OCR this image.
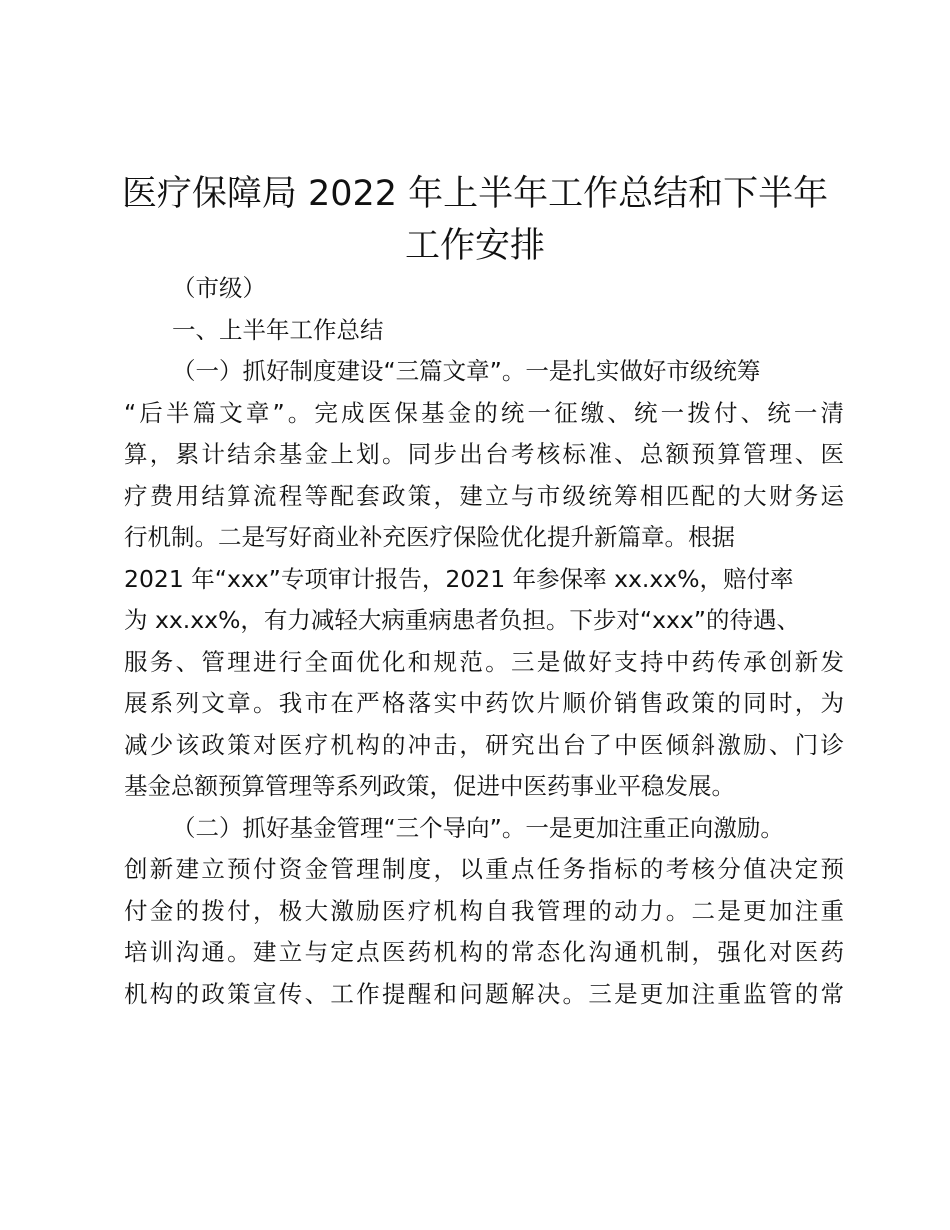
医疗保障局 2022 年上半年工作总结和下半年
工作安排
（市级）
一、上半年工作总结
（一）抓好制度建设“三篇文章”。一是扎实做好市级统筹
“后半篇文章”。完成医保基金的统一征缴、统一拨付、统一清
算，累计结余基金上划。同步出台考核标准、总额预算管理、医
疗费用结算流程等配套政策，建立与市级统筹相匹配的大财务运
行机制。二是写好商业补充医疗保险优化提升新篇章。根据
2021 年“xxx”专项审计报告，2021 年参保率 xx.xx%，赔付率
为 xx.xx%，有力减轻大病重病患者负担。下步对“xxx”的待遇、
服务、管理进行全面优化和规范。三是做好支持中药传承创新发
展系列文章。我市在严格落实中药饮片顺价销售政策的同时，为
减少该政策对医疗机构的冲击，研究出台了中医倾斜激励、门诊
基金总额预算管理等系列政策，促进中医药事业平稳发展。
（二）抓好基金管理“三个导向”。一是更加注重正向激励。
创新建立预付资金管理制度，以重点任务指标的考核分值决定预
付金的拨付，极大激励医疗机构自我管理的动力。二是更加注重
培训沟通。建立与定点医药机构的常态化沟通机制，强化对医药
机构的政策宣传、工作提醒和问题解决。三是更加注重监管的常
